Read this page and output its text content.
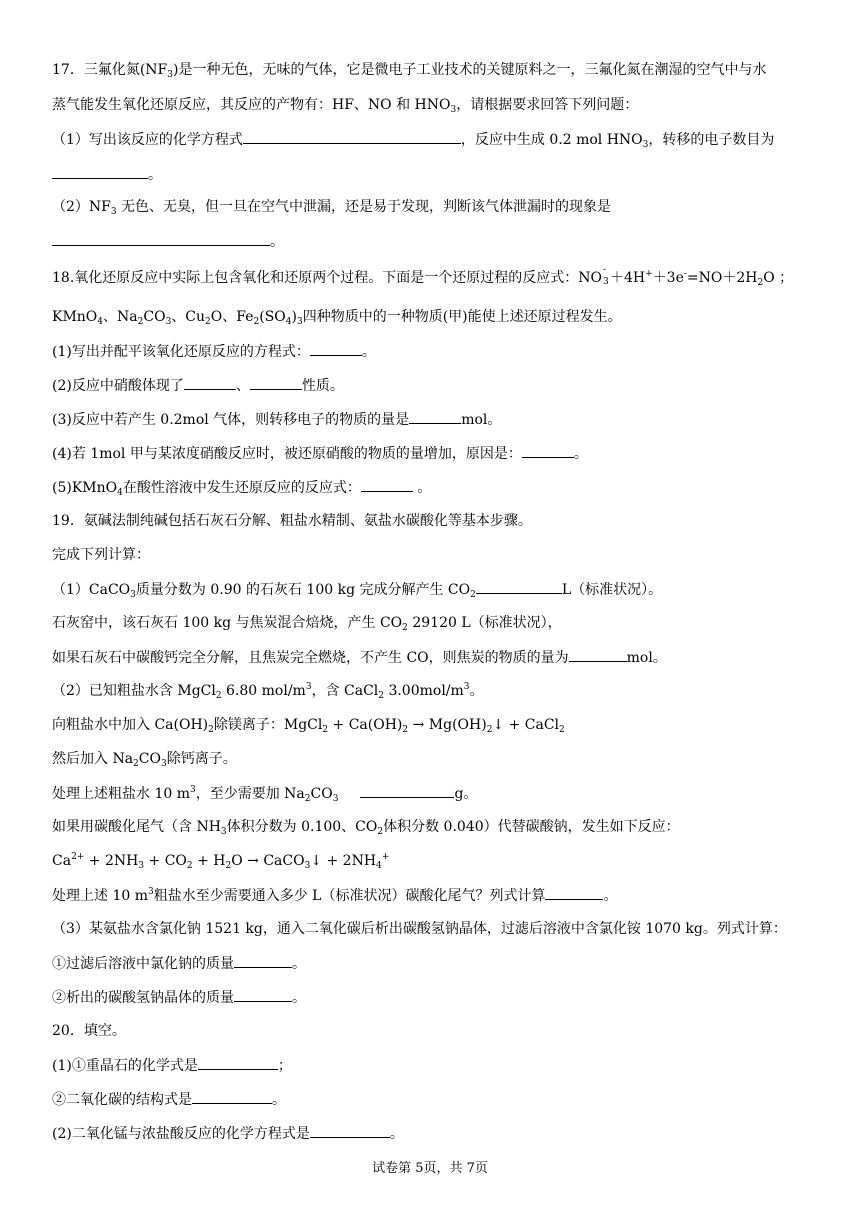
17．三氟化氮$(NF_3)$是一种无色，无味的气体，它是微电子工业技术的关键原料之一，三氟化氮在潮湿的空气中与水
蒸气能发生氧化还原反应，其反应的产物有：HF、NO 和 $HNO_3$，请根据要求回答下列问题：
（1）写出该反应的化学方程式	，反应中生成 0.2 mol $HNO_3$，转移的电子数目为
。
$(2)NF_3$ 无色、无臭，但一旦在空气中泄漏，还是易于发现，判断该气体泄漏时的现象是
。
18.氧化还原反应中实际上包含氧化和还原两个过程。下面是一个还原过程的反应式：NO -
$3 +4H^++3e^-=NO+2H_2O$ ；
KMnO$_4$、$Na_2CO_3$、$Cu_2O$、$Fe_2(SO_4)_3$四种物质中的一种物质(甲)能使上述还原过程发生。
(1)写出并配平该氧化还原反应的方程式：	。
(2)反应中硝酸体现了	、	性质。
(3)反应中若产生 0.2mol 气体，则转移电子的物质的量是	mol。
(4)若 1mol 甲与某浓度硝酸反应时，被还原硝酸的物质的量增加，原因是：	。
(5)KMnO$_4$在酸性溶液中发生还原反应的反应式：	。
19．氨碱法制纯碱包括石灰石分解、粗盐水精制、氨盐水碳酸化等基本步骤。
完成下列计算：
（1）CaCO$_3$质量分数为 0.90 的石灰石 100 kg 完成分解产生 $CO_2$	L（标准状况）。
石灰窑中，该石灰石 100 kg 与焦炭混合焙烧，产生 $CO_2$ 29120 L（标准状况），
如果石灰石中碳酸钙完全分解，且焦炭完全燃烧，不产生 CO，则焦炭的物质的量为	mol。
（2）已知粗盐水含 MgCl$_2$ 6.80 mol/$m^3$，含 CaCl$_2$ $3.00mol/m^3$。
向粗盐水中加入 $Ca(OH)_2$除镁离子：MgCl$_2$ + $Ca(OH)_2$ → $Mg(OH)_2↓$ + CaCl$_2$
然后加入 $Na_2CO_3$除钙离子。
处理上述粗盐水 10 $m^3$，至少需要加 $Na_2CO_3$	g。
如果用碳酸化尾气（含 $NH_3$体积分数为 0.100、$CO_2$体积分数 0.040）代替碳酸钠，发生如下反应：
$Ca^{2+} + 2NH_3 + CO_2 + H_2O$ → CaCO$_3$↓ + $2NH_4^+$
处理上述 10 $m^3$粗盐水至少需要通入多少 L（标准状况）碳酸化尾气？列式计算	。
（3）某氨盐水含氯化钠 1521 kg，通入二氧化碳后析出碳酸氢钠晶体，过滤后溶液中含氯化铵 1070 kg。列式计算：
①过滤后溶液中氯化钠的质量	。
②析出的碳酸氢钠晶体的质量	。
20．填空。
(1)①重晶石的化学式是	；
②二氧化碳的结构式是	。
(2)二氧化锰与浓盐酸反应的化学方程式是	。
试卷第 5页，共 7页
